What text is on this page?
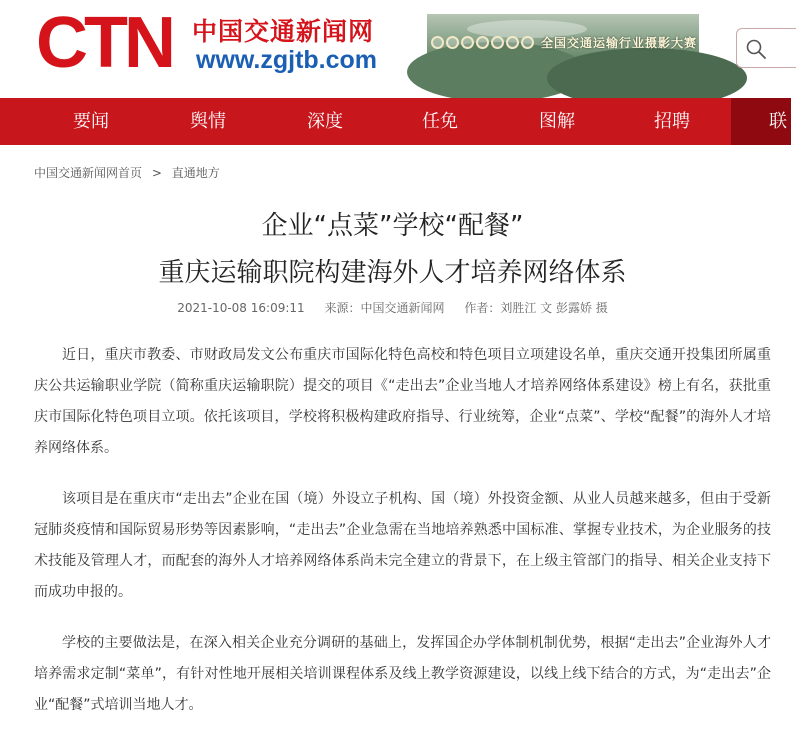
CTN 中国交通新闻网
www.zgjtb.com
全国交通运输行业摄影大赛
要闻	舆情	深度	任免	图解	招聘	联
中国交通新闻网首页 > 直通地方
企业“点菜”学校“配餐”
重庆运输职院构建海外人才培养网络体系
2021-10-08 16:09:11 来源：中国交通新闻网 作者：刘胜江 文 彭露娇 摄

近日，重庆市教委、市财政局发文公布重庆市国际化特色高校和特色项目立项建设名单，重庆交通开投集团所属重庆公共运输职业学院（简称重庆运输职院）提交的项目《“走出去”企业当地人才培养网络体系建设》榜上有名，获批重庆市国际化特色项目立项。依托该项目，学校将积极构建政府指导、行业统筹，企业“点菜”、学校“配餐”的海外人才培养网络体系。

该项目是在重庆市“走出去”企业在国（境）外设立子机构、国（境）外投资金额、从业人员越来越多，但由于受新冠肺炎疫情和国际贸易形势等因素影响，“走出去”企业急需在当地培养熟悉中国标准、掌握专业技术，为企业服务的技术技能及管理人才，而配套的海外人才培养网络体系尚未完全建立的背景下，在上级主管部门的指导、相关企业支持下而成功申报的。

学校的主要做法是，在深入相关企业充分调研的基础上，发挥国企办学体制机制优势，根据“走出去”企业海外人才培养需求定制“菜单”，有针对性地开展相关培训课程体系及线上教学资源建设，以线上线下结合的方式，为“走出去”企业“配餐”式培训当地人才。
